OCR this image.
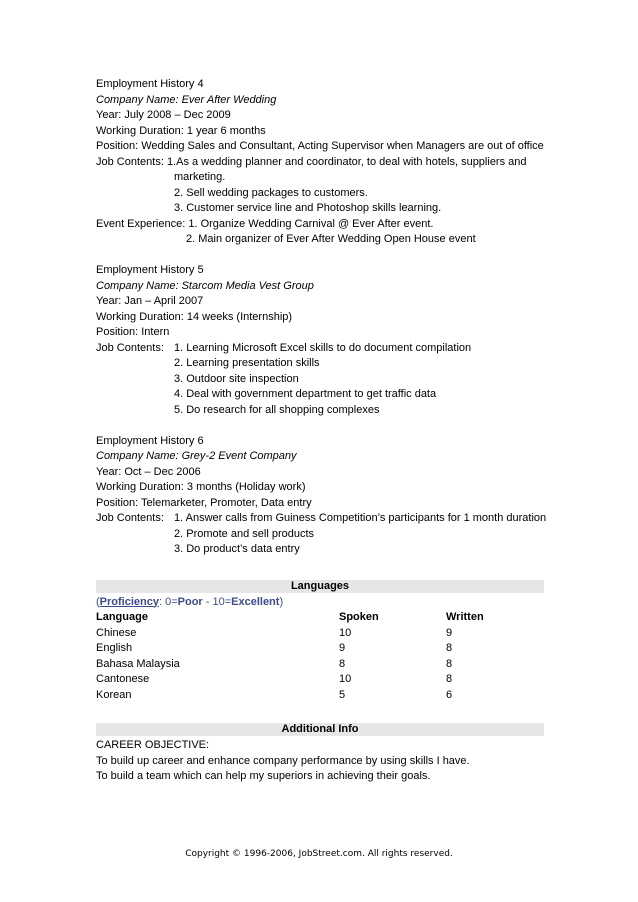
Employment History 4
Company Name: Ever After Wedding
Year: July 2008 – Dec 2009
Working Duration: 1 year 6 months
Position: Wedding Sales and Consultant, Acting Supervisor when Managers are out of office
Job Contents: 1.As a wedding planner and coordinator, to deal with hotels, suppliers and
marketing.
2. Sell wedding packages to customers.
3. Customer service line and Photoshop skills learning.
Event Experience: 1. Organize Wedding Carnival @ Ever After event.
2. Main organizer of Ever After Wedding Open House event
Employment History 5
Company Name: Starcom Media Vest Group
Year: Jan – April 2007
Working Duration: 14 weeks (Internship)
Position: Intern
Job Contents: 1. Learning Microsoft Excel skills to do document compilation
2. Learning presentation skills
3. Outdoor site inspection
4. Deal with government department to get traffic data
5. Do research for all shopping complexes
Employment History 6
Company Name: Grey-2 Event Company
Year: Oct – Dec 2006
Working Duration: 3 months (Holiday work)
Position: Telemarketer, Promoter, Data entry
Job Contents: 1. Answer calls from Guiness Competition’s participants for 1 month duration
2. Promote and sell products
3. Do product’s data entry
Languages
(Proficiency: 0=Poor - 10=Excellent)
Language	Spoken	Written
Chinese	10	9
English	9	8
Bahasa Malaysia	8	8
Cantonese	10	8
Korean	5	6
Additional Info
CAREER OBJECTIVE:
To build up career and enhance company performance by using skills I have.
To build a team which can help my superiors in achieving their goals.
Copyright © 1996-2006, JobStreet.com. All rights reserved.
